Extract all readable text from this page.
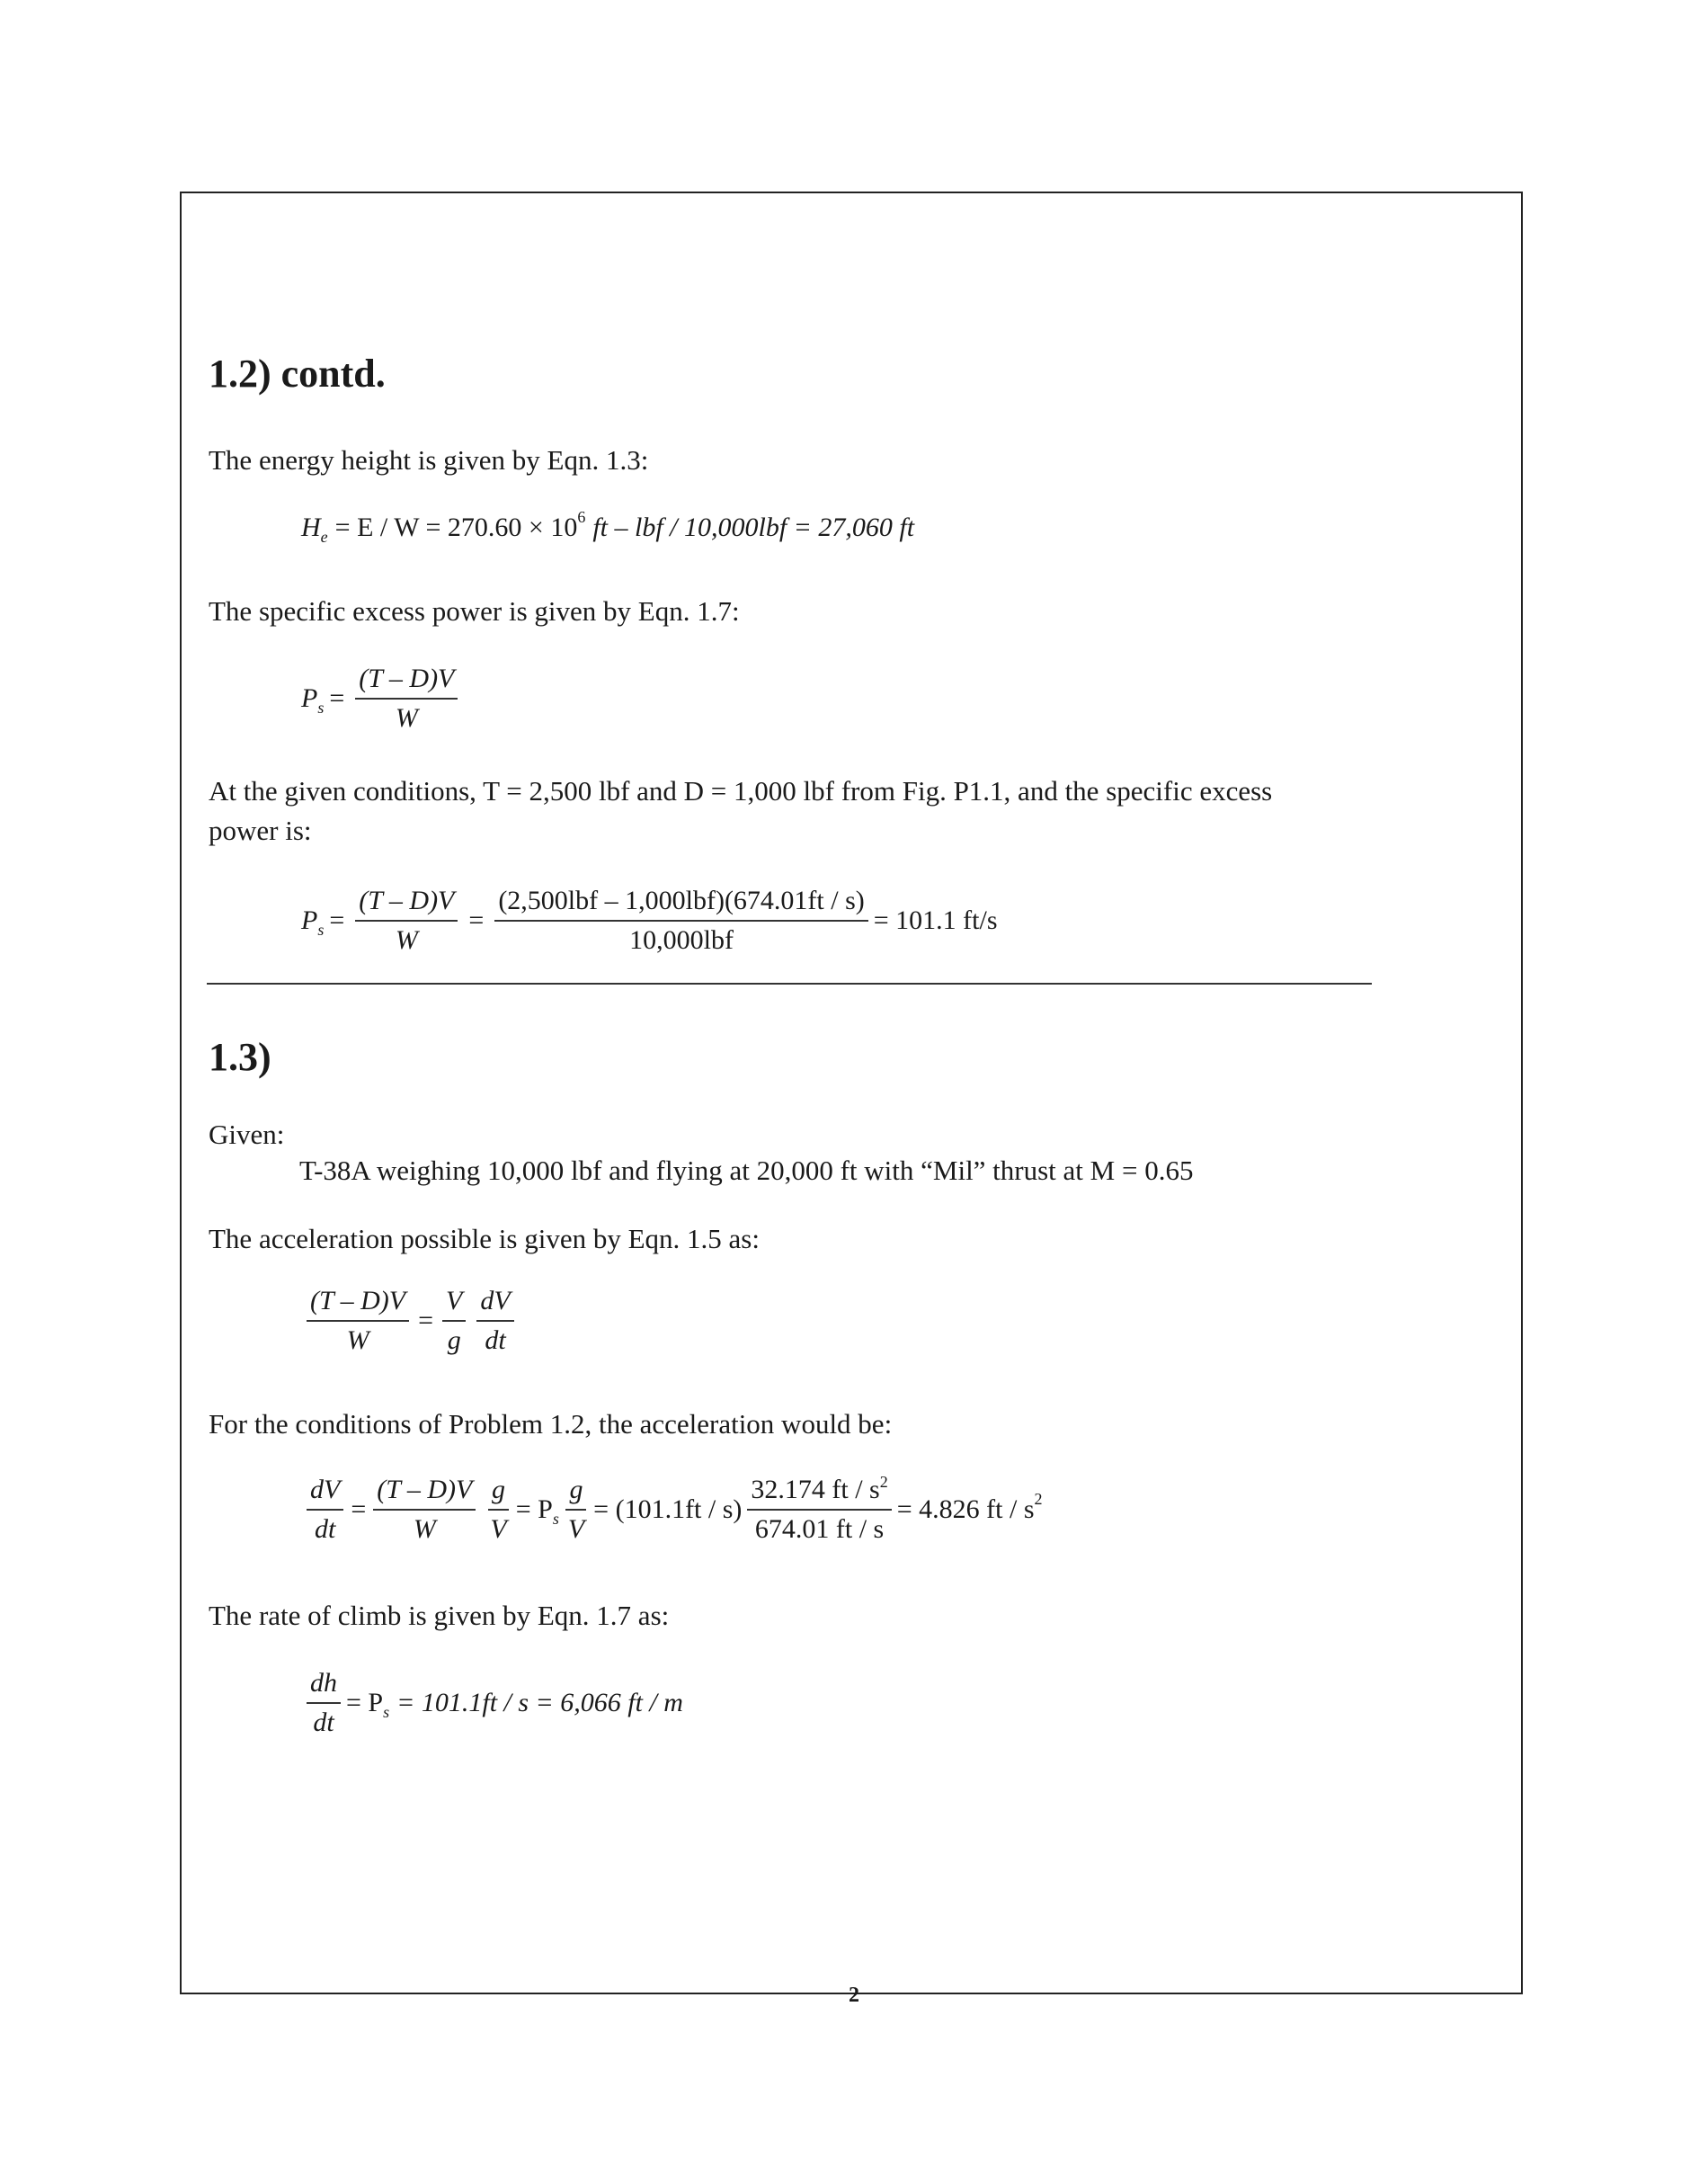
1.2) contd.
The energy height is given by Eqn. 1.3:
H e = E / W = 270.60 × 10 6 ft – lbf / 10,000lbf = 27,060 ft
The specific excess power is given by Eqn. 1.7:
P $s = \frac{(T - D)V}{W}$
At the given conditions, T = 2,500 lbf and D = 1,000 lbf from Fig. P1.1, and the specific excess
power is:
P $s = \frac{(T - D)V}{W} = \frac{\text{(2,500lbf – 1,000lbf)(674.01ft / s)}}{\text{10,000lbf}} = 101.1$ ft/s
1.3)
Given:
T-38A weighing 10,000 lbf and flying at 20,000 ft with “Mil” thrust at M = 0.65
The acceleration possible is given by Eqn. 1.5 as:
$\frac{(T - D)V}{W} = \frac{V}{g} \frac{dV}{dt}$
For the conditions of Problem 1.2, the acceleration would be:
$\frac{dV}{dt} = \frac{(T - D)V}{W} \frac{g}{V} = P$ s $\frac{g}{V} = (101.1ft / s) \frac{32.174 ft / s^2}{674.01 ft / s} = 4.826$ ft / s 2
The rate of climb is given by Eqn. 1.7 as:
$\frac{dh}{dt} = P$ s = 101.1ft / s = 6,066 ft / m
2
